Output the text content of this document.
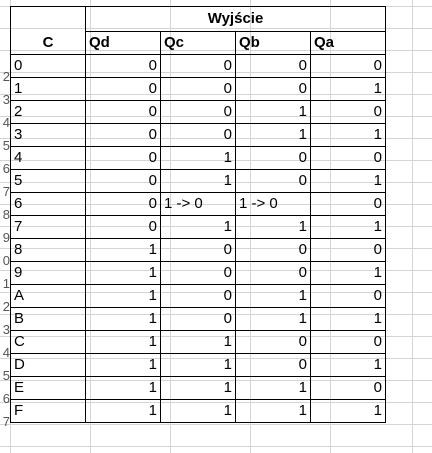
2
3
4
5
6
7
8
9
0
1
2
3
4
5
6
7
	Wyjście			
C	Qd	Qc	Qb	Qa
0	0	0	0	0
1	0	0	0	1
2	0	0	1	0
3	0	0	1	1
4	0	1	0	0
5	0	1	0	1
6	0	1 -> 0	1 -> 0	0
7	0	1	1	1
8	1	0	0	0
9	1	0	0	1
A	1	0	1	0
B	1	0	1	1
C	1	1	0	0
D	1	1	0	1
E	1	1	1	0
F	1	1	1	1
